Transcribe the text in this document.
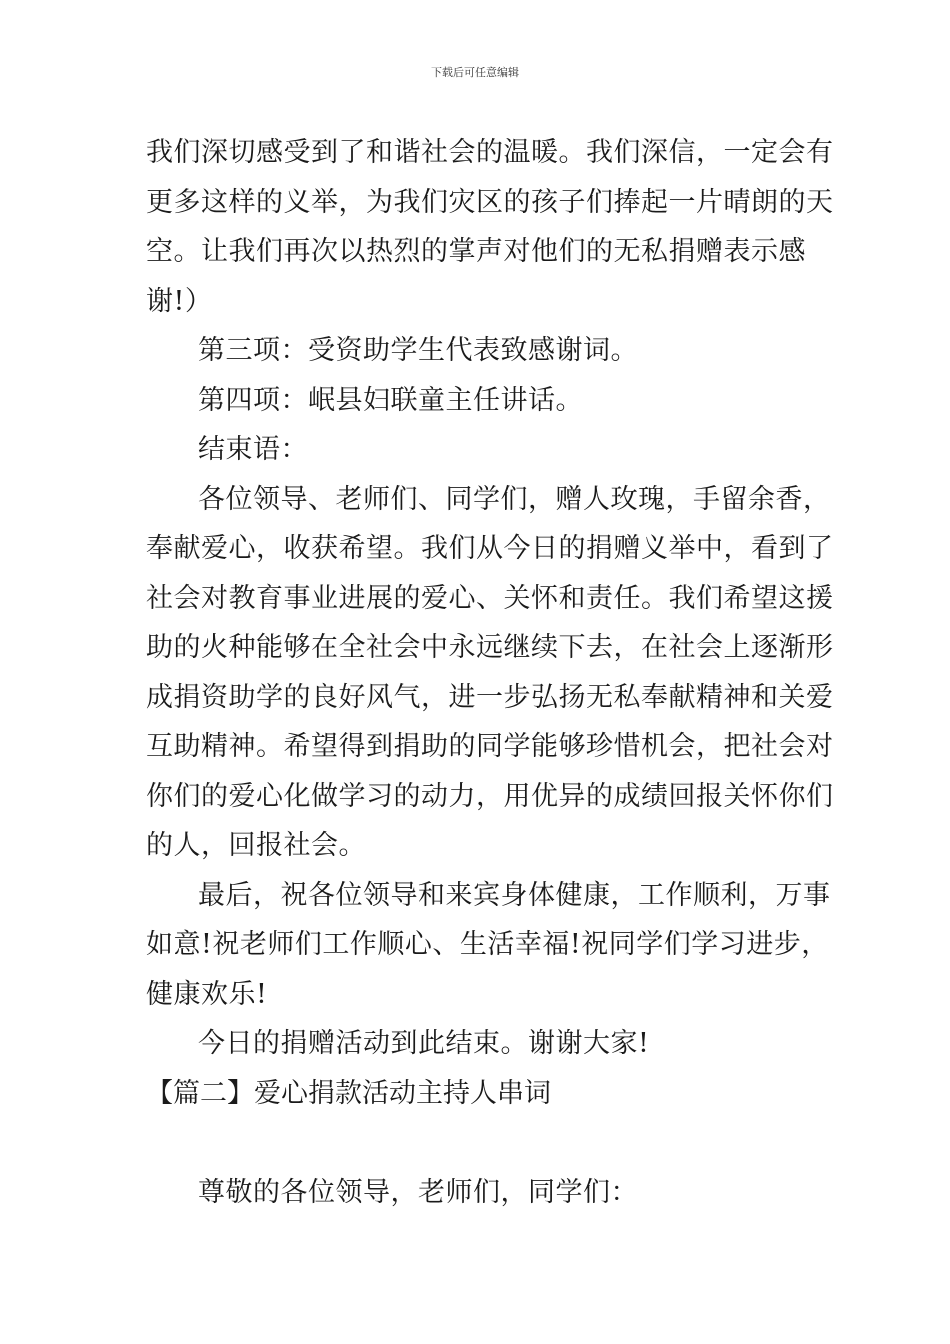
下载后可任意编辑

我们深切感受到了和谐社会的温暖。我们深信，一定会有
更多这样的义举，为我们灾区的孩子们捧起一片晴朗的天
空。让我们再次以热烈的掌声对他们的无私捐赠表示感
谢!）

第三项：受资助学生代表致感谢词。

第四项：岷县妇联童主任讲话。

结束语：

各位领导、老师们、同学们，赠人玫瑰，手留余香，
奉献爱心，收获希望。我们从今日的捐赠义举中，看到了
社会对教育事业进展的爱心、关怀和责任。我们希望这援
助的火种能够在全社会中永远继续下去，在社会上逐渐形
成捐资助学的良好风气，进一步弘扬无私奉献精神和关爱
互助精神。希望得到捐助的同学能够珍惜机会，把社会对
你们的爱心化做学习的动力，用优异的成绩回报关怀你们
的人，回报社会。

最后，祝各位领导和来宾身体健康，工作顺利，万事
如意!祝老师们工作顺心、生活幸福!祝同学们学习进步，
健康欢乐!

今日的捐赠活动到此结束。谢谢大家!

【篇二】爱心捐款活动主持人串词

尊敬的各位领导，老师们，同学们：
